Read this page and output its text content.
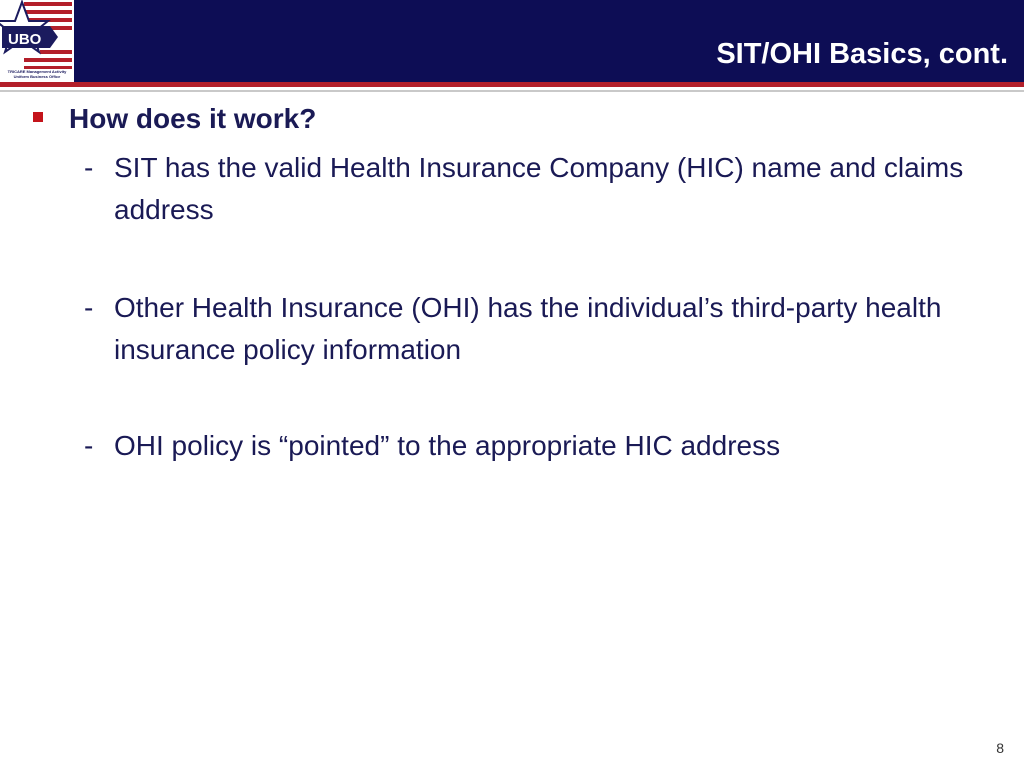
UBO
TRICARE Management Activity
Uniform Business Office
SIT/OHI Basics, cont.
How does it work?
- SIT has the valid Health Insurance Company (HIC) name and claims address
- Other Health Insurance (OHI) has the individual’s third-party health insurance policy information
- OHI policy is “pointed” to the appropriate HIC address
8
